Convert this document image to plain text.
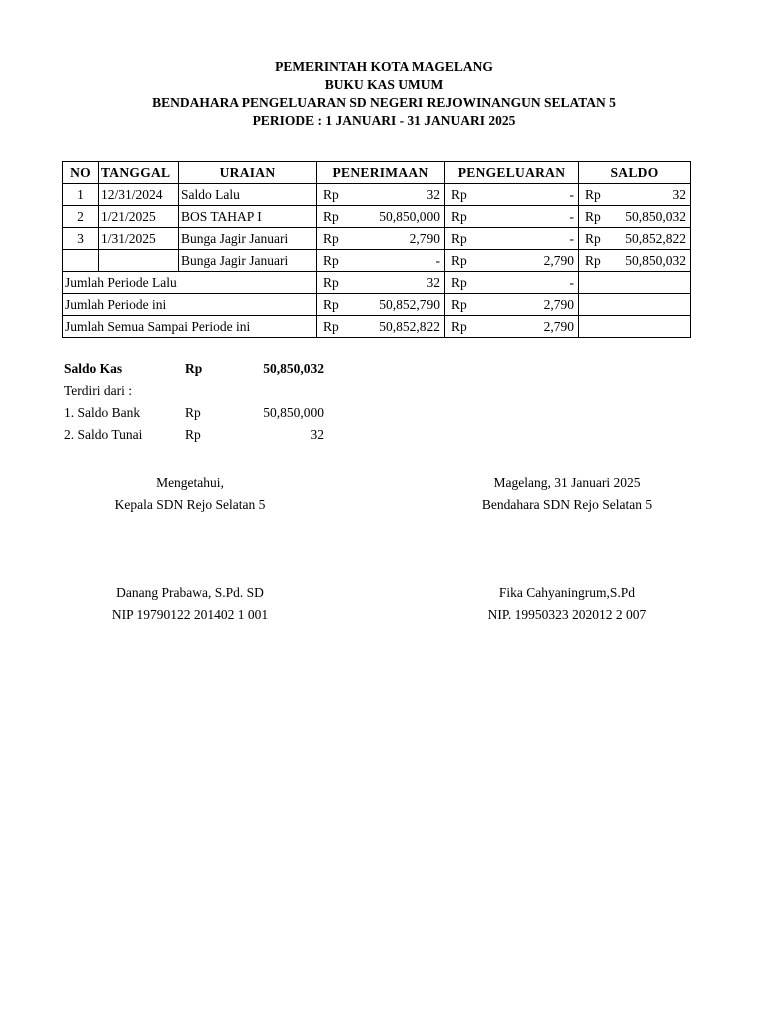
PEMERINTAH KOTA MAGELANG
BUKU KAS UMUM
BENDAHARA PENGELUARAN SD NEGERI REJOWINANGUN SELATAN 5
PERIODE : 1 JANUARI - 31 JANUARI 2025
NO	TANGGAL	URAIAN	PENERIMAAN		PENGELUARAN		SALDO	
1	12/31/2024	Saldo Lalu	Rp	32	Rp	-	Rp	32
2	1/21/2025	BOS TAHAP I	Rp	50,850,000	Rp	-	Rp	50,850,032
3	1/31/2025	Bunga Jagir Januari	Rp	2,790	Rp	-	Rp	50,852,822
		Bunga Jagir Januari	Rp	-	Rp	2,790	Rp	50,850,032
Jumlah Periode Lalu			Rp	32	Rp	-		
Jumlah Periode ini			Rp	50,852,790	Rp	2,790		
Jumlah Semua Sampai Periode ini			Rp	50,852,822	Rp	2,790		
Saldo Kas	Rp	50,850,032
Terdiri dari :
1. Saldo Bank	Rp	50,850,000
2. Saldo Tunai	Rp	32
Mengetahui,
Kepala SDN Rejo Selatan 5
Danang Prabawa, S.Pd. SD
NIP 19790122 201402 1 001
Magelang, 31 Januari 2025
Bendahara SDN Rejo Selatan 5
Fika Cahyaningrum,S.Pd
NIP. 19950323 202012 2 007
